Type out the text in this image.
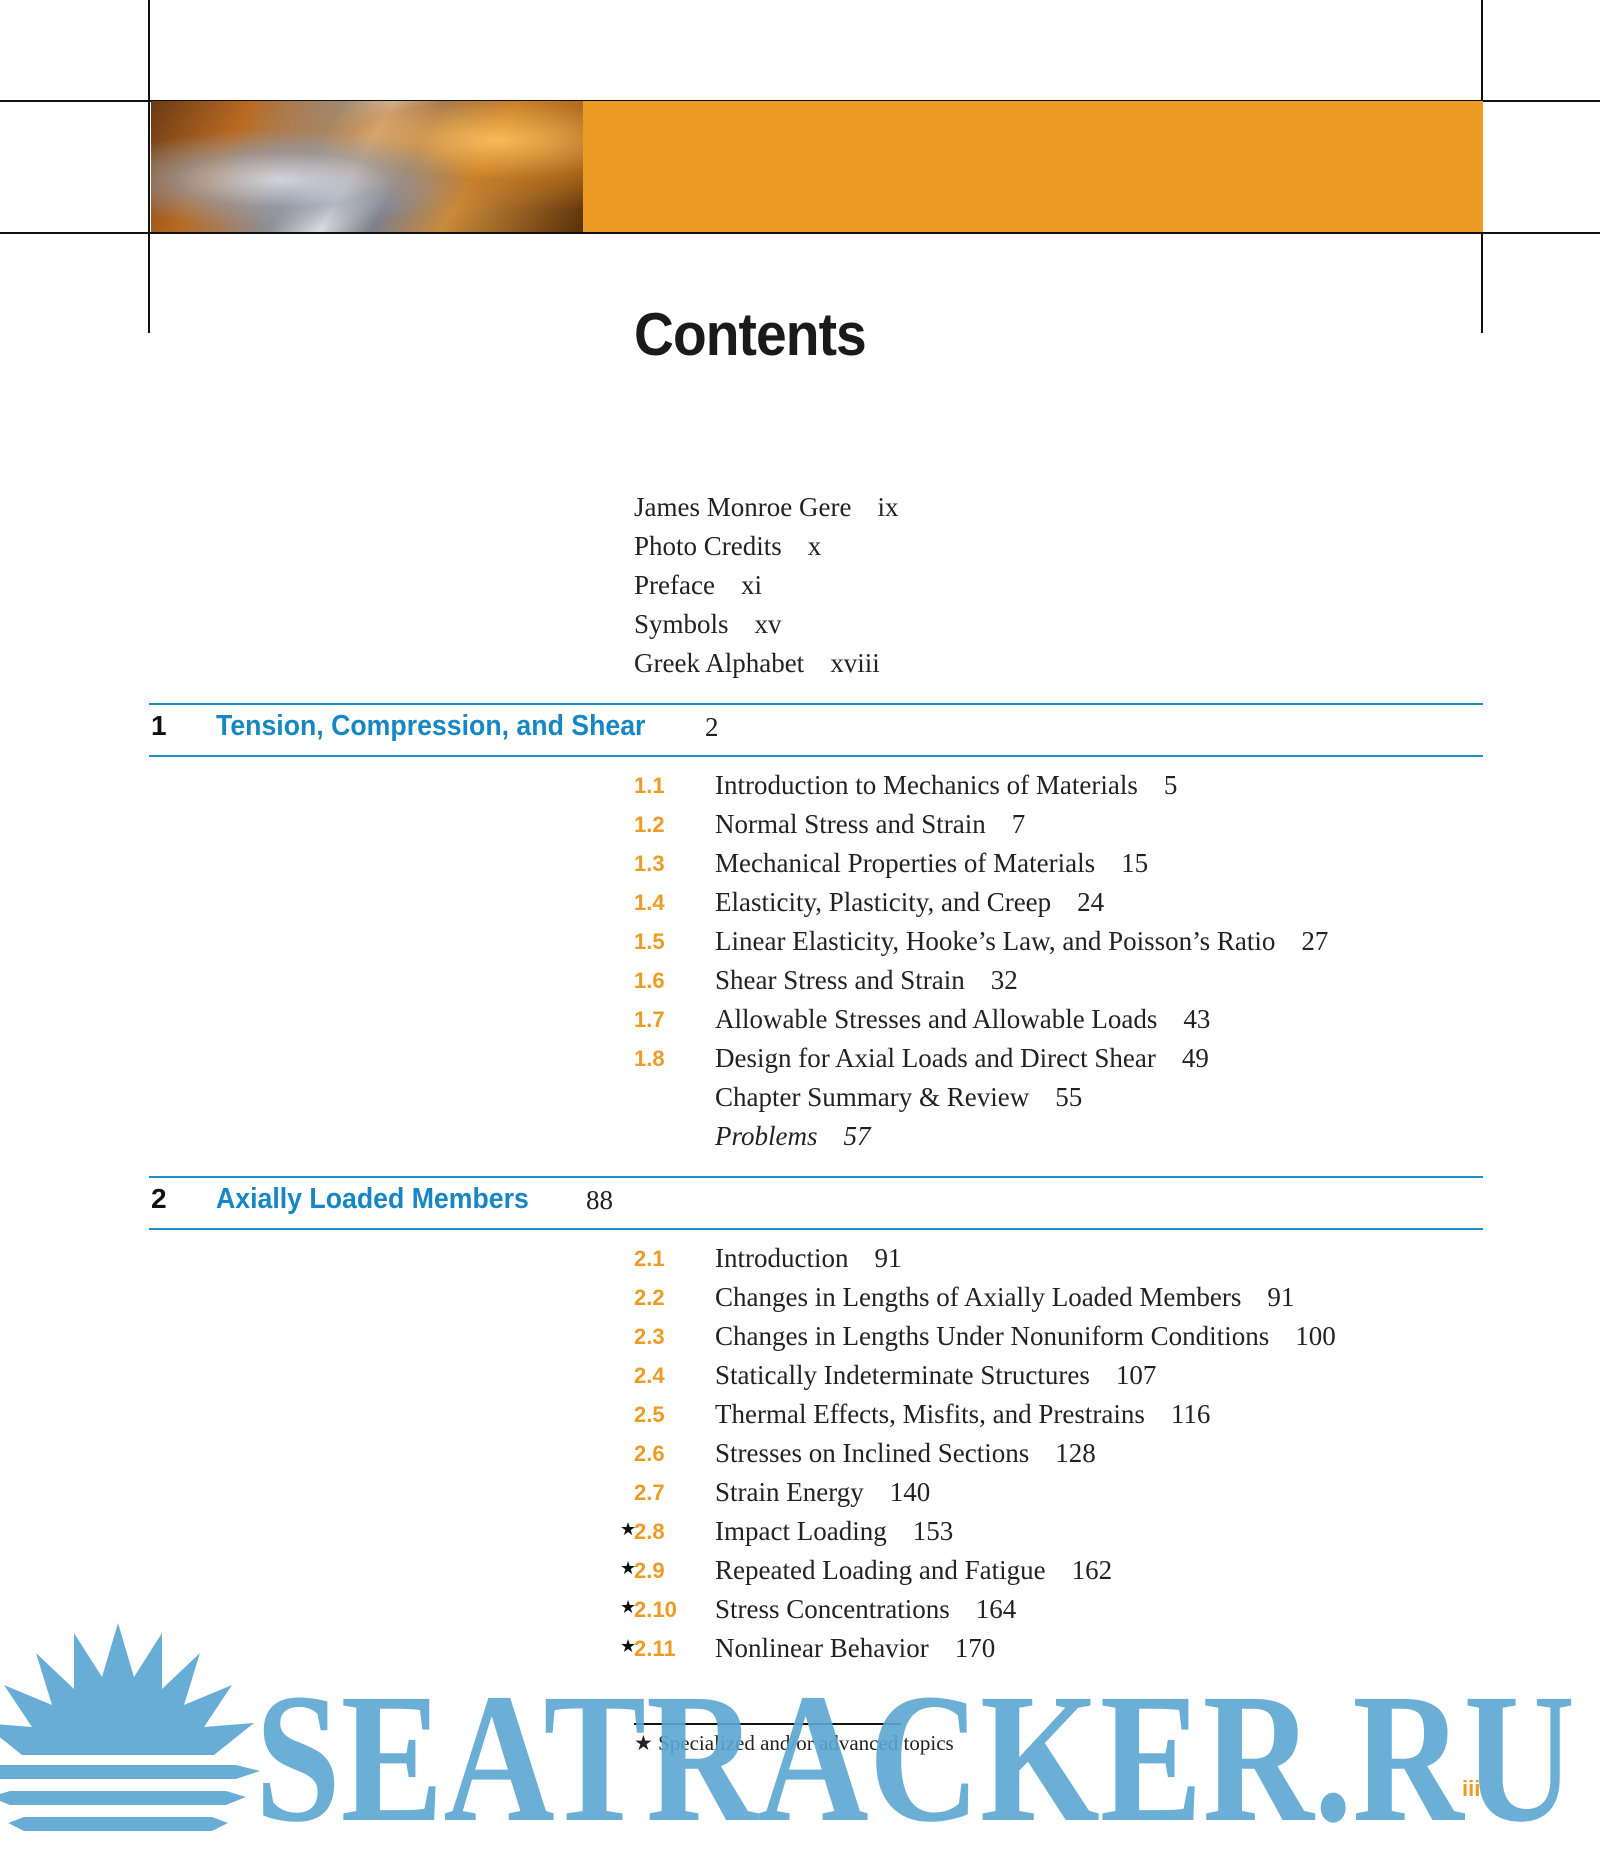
Contents
James Monroe Gere ix
Photo Credits x
Preface xi
Symbols xv
Greek Alphabet xviii
1 Tension, Compression, and Shear 2
1.1 Introduction to Mechanics of Materials 5
1.2 Normal Stress and Strain 7
1.3 Mechanical Properties of Materials 15
1.4 Elasticity, Plasticity, and Creep 24
1.5 Linear Elasticity, Hooke’s Law, and Poisson’s Ratio 27
1.6 Shear Stress and Strain 32
1.7 Allowable Stresses and Allowable Loads 43
1.8 Design for Axial Loads and Direct Shear 49
Chapter Summary & Review 55
Problems 57
2 Axially Loaded Members 88
2.1 Introduction 91
2.2 Changes in Lengths of Axially Loaded Members 91
2.3 Changes in Lengths Under Nonuniform Conditions 100
2.4 Statically Indeterminate Structures 107
2.5 Thermal Effects, Misfits, and Prestrains 116
2.6 Stresses on Inclined Sections 128
2.7 Strain Energy 140
★
2.8 Impact Loading 153
★
2.9 Repeated Loading and Fatigue 162
★
2.10 Stress Concentrations 164
★
2.11 Nonlinear Behavior 170
★ Specialized and/or advanced topics
SEATRACKER.RU
iii
